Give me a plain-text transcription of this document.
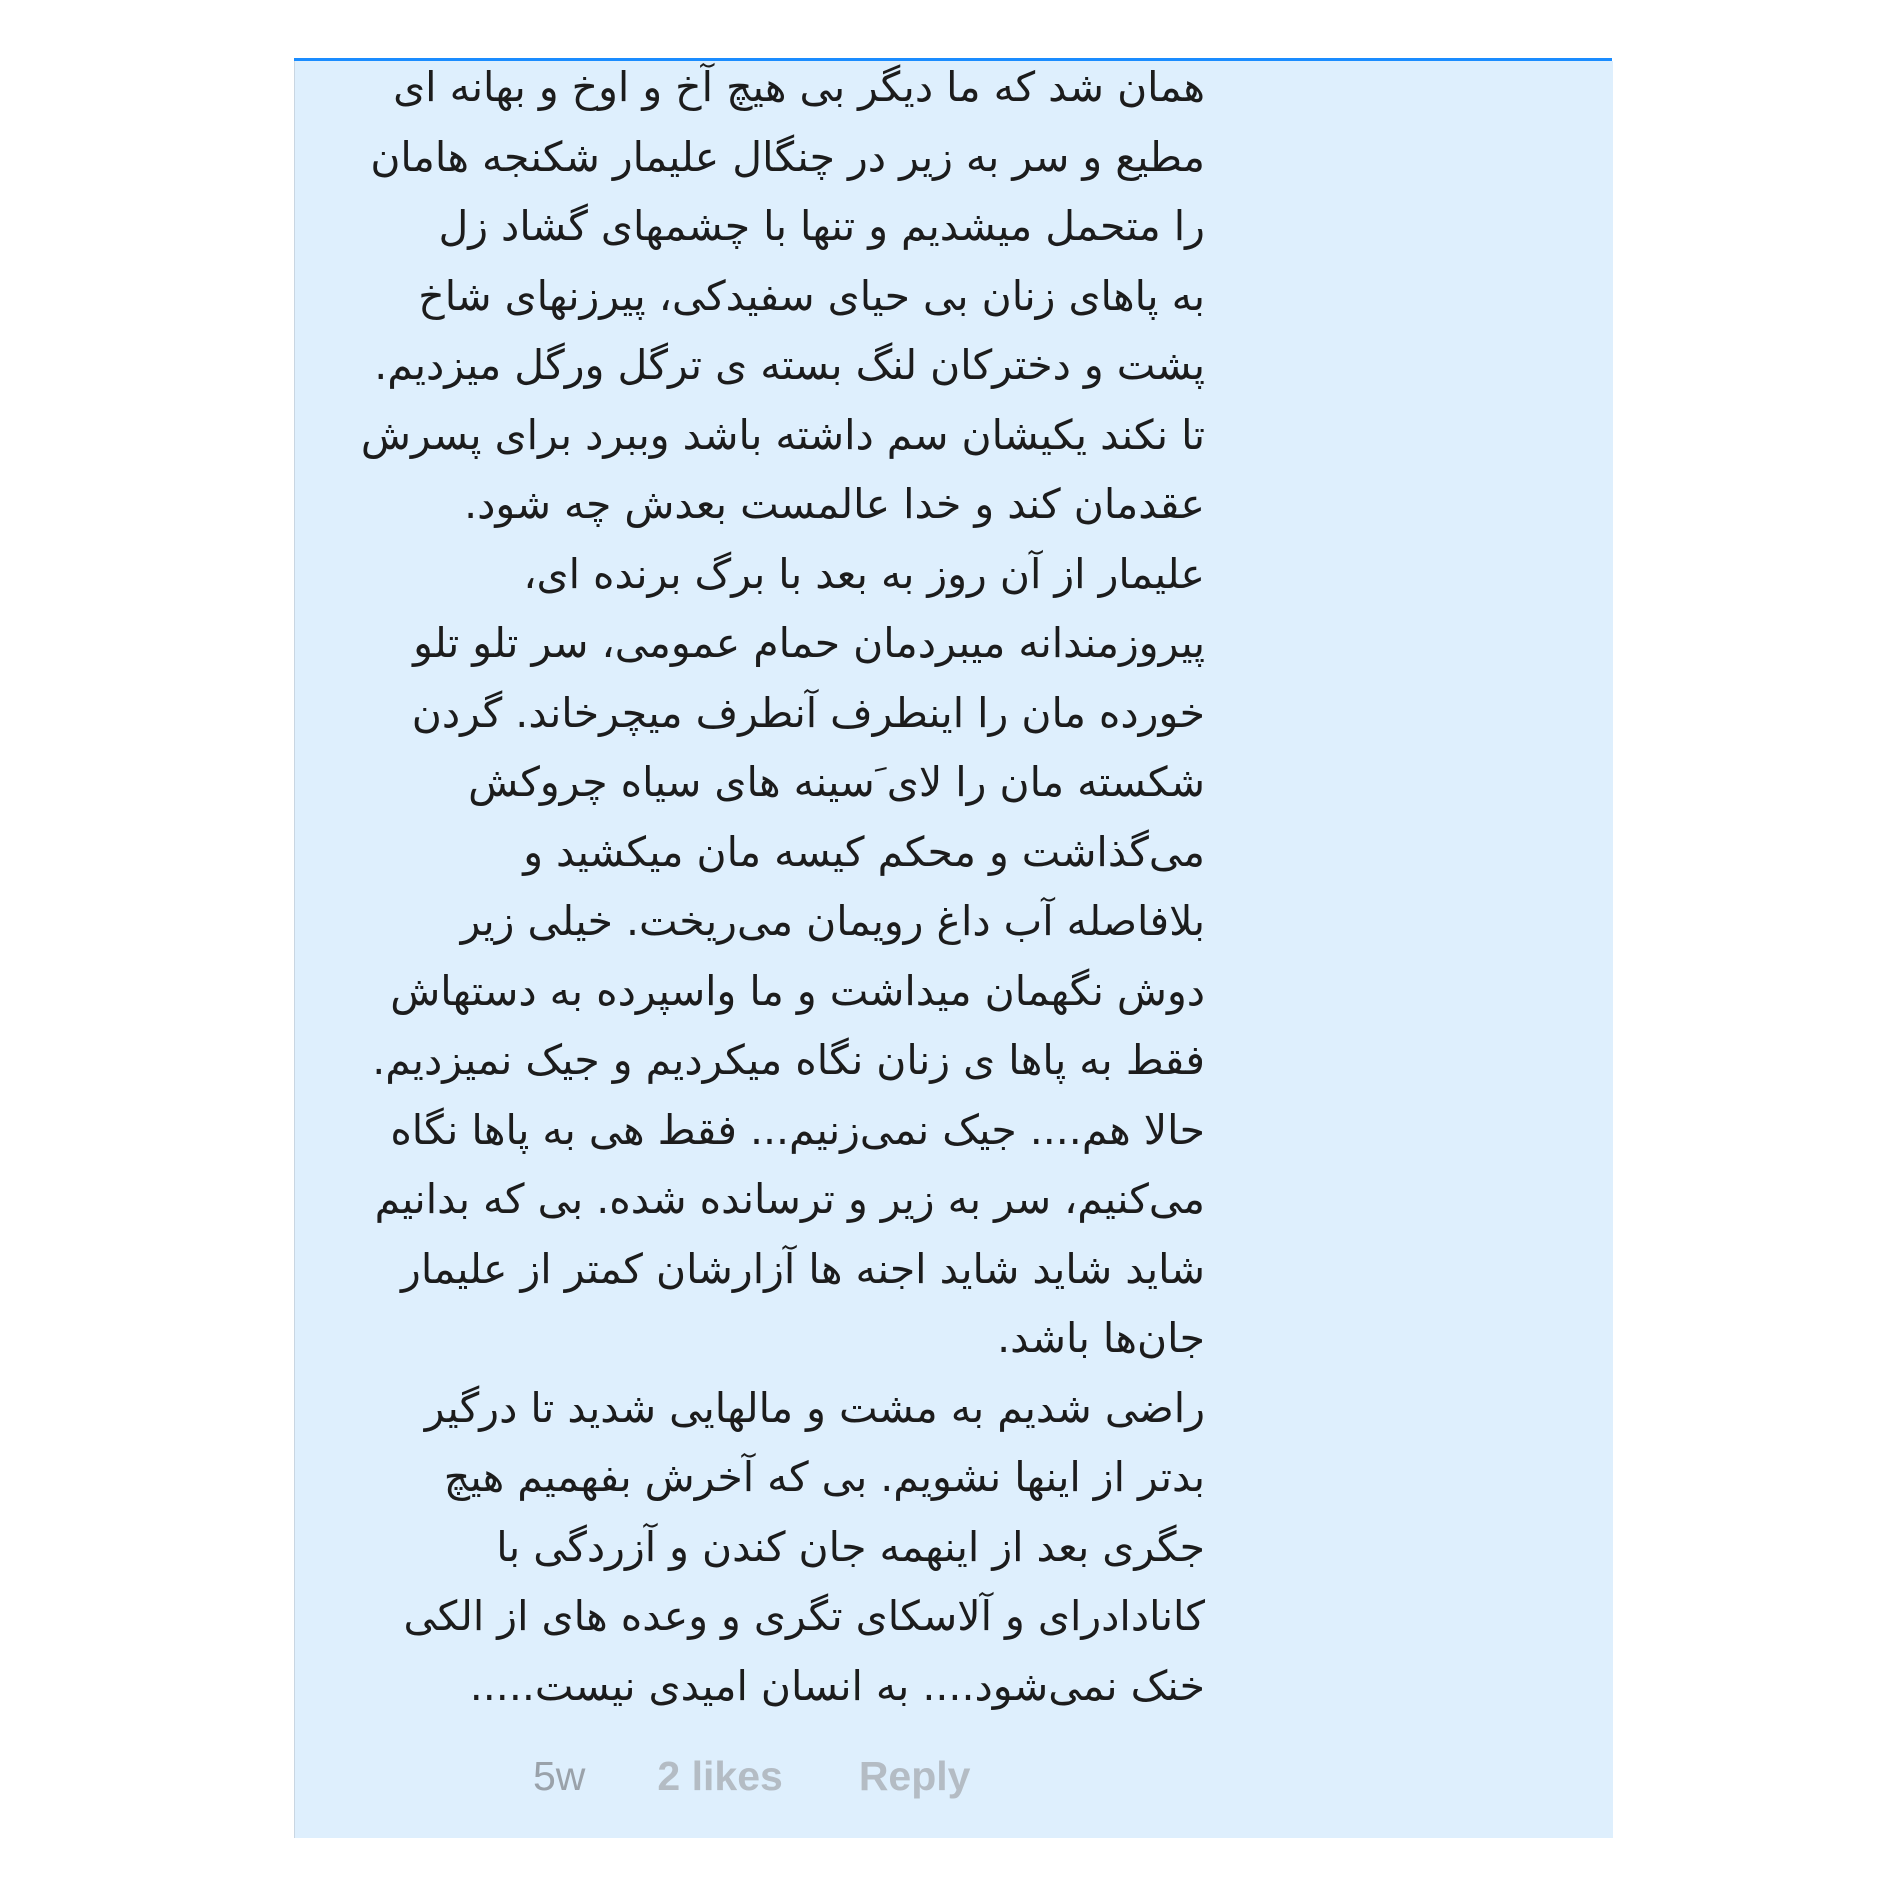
همان شد که ما دیگر بی هیچ آخ و اوخ و بهانه ای
مطیع و سر به زیر در چنگال علیمار شکنجه هامان
را متحمل میشدیم و تنها با چشمهای گشاد زل
به پاهای زنان بی حیای سفیدکی، پیرزنهای شاخ
پشت و دخترکان لنگ بسته ی ترگل ورگل میزدیم.
تا نکند یکیشان سم داشته باشد وببرد برای پسرش
عقدمان کند و خدا عالمست بعدش چه شود.
علیمار از آن روز به بعد با برگ برنده ای،
پیروزمندانه میبردمان حمام عمومی، سر تلو تلو
خورده مان را اینطرف آنطرف میچرخاند. گردن
شکسته مان را لای َسینه های سیاه چروکش
می‌گذاشت و محکم کیسه مان میکشید و
بلافاصله آب داغ رویمان می‌ریخت. خیلی زیر
دوش نگهمان میداشت و ما واسپرده به دستهاش
فقط به پاها ی زنان نگاه میکردیم و جیک نمیزدیم.
حالا هم.... جیک نمی‌زنیم... فقط هی به پاها نگاه
می‌کنیم، سر به زیر و ترسانده شده. بی که بدانیم
شاید شاید شاید اجنه ها آزارشان کمتر از علیمار
جان‌ها باشد.
راضی شدیم به مشت و مالهایی شدید تا درگیر
بدتر از اینها نشویم. بی که آخرش بفهمیم هیچ
جگری بعد از اینهمه جان کندن و آزردگی با
کانادادرای و آلاسکای تگری و وعده های از الکی
خنک نمی‌شود.... به انسان امیدی نیست.....
5w 2 likes Reply
